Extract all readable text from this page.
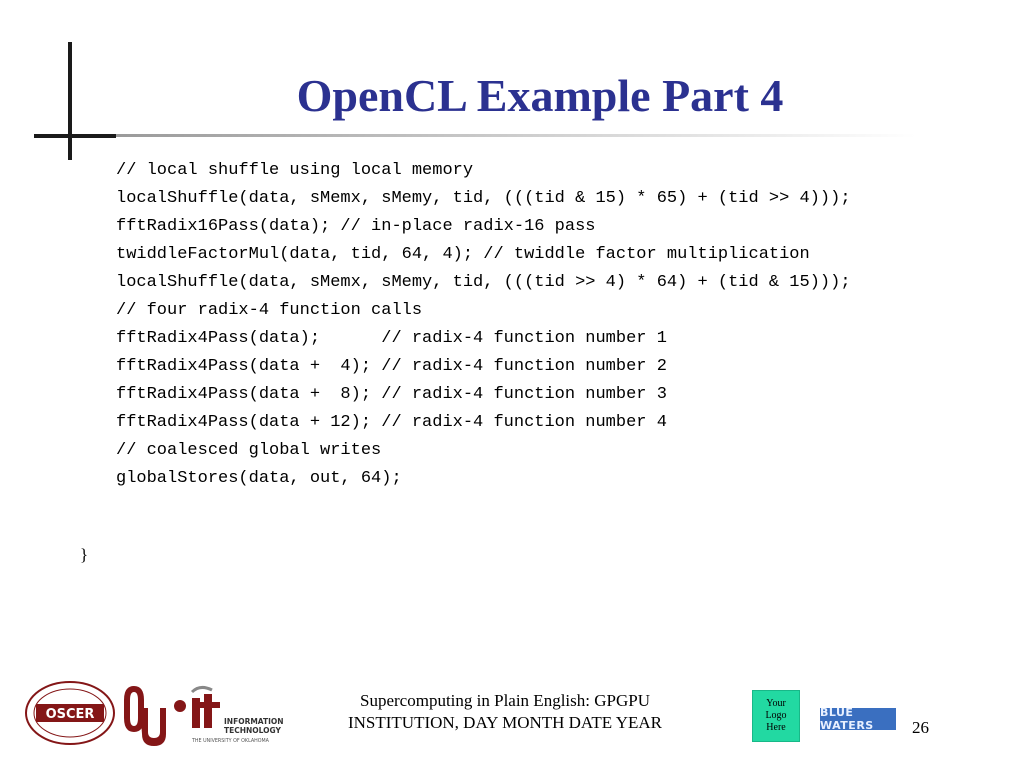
OpenCL Example Part 4
// local shuffle using local memory
localShuffle(data, sMemx, sMemy, tid, (((tid & 15) * 65) + (tid >> 4)));
fftRadix16Pass(data); // in-place radix-16 pass
twiddleFactorMul(data, tid, 64, 4); // twiddle factor multiplication
localShuffle(data, sMemx, sMemy, tid, (((tid >> 4) * 64) + (tid & 15)));
// four radix-4 function calls
fftRadix4Pass(data);      // radix-4 function number 1
fftRadix4Pass(data +  4); // radix-4 function number 2
fftRadix4Pass(data +  8); // radix-4 function number 3
fftRadix4Pass(data + 12); // radix-4 function number 4
// coalesced global writes
globalStores(data, out, 64);
}
OSCER	INFORMATION
TECHNOLOGY
THE UNIVERSITY OF OKLAHOMA
Supercomputing in Plain English: GPGPU
INSTITUTION, DAY MONTH DATE YEAR
Your Logo Here
BLUE WATERS	26
